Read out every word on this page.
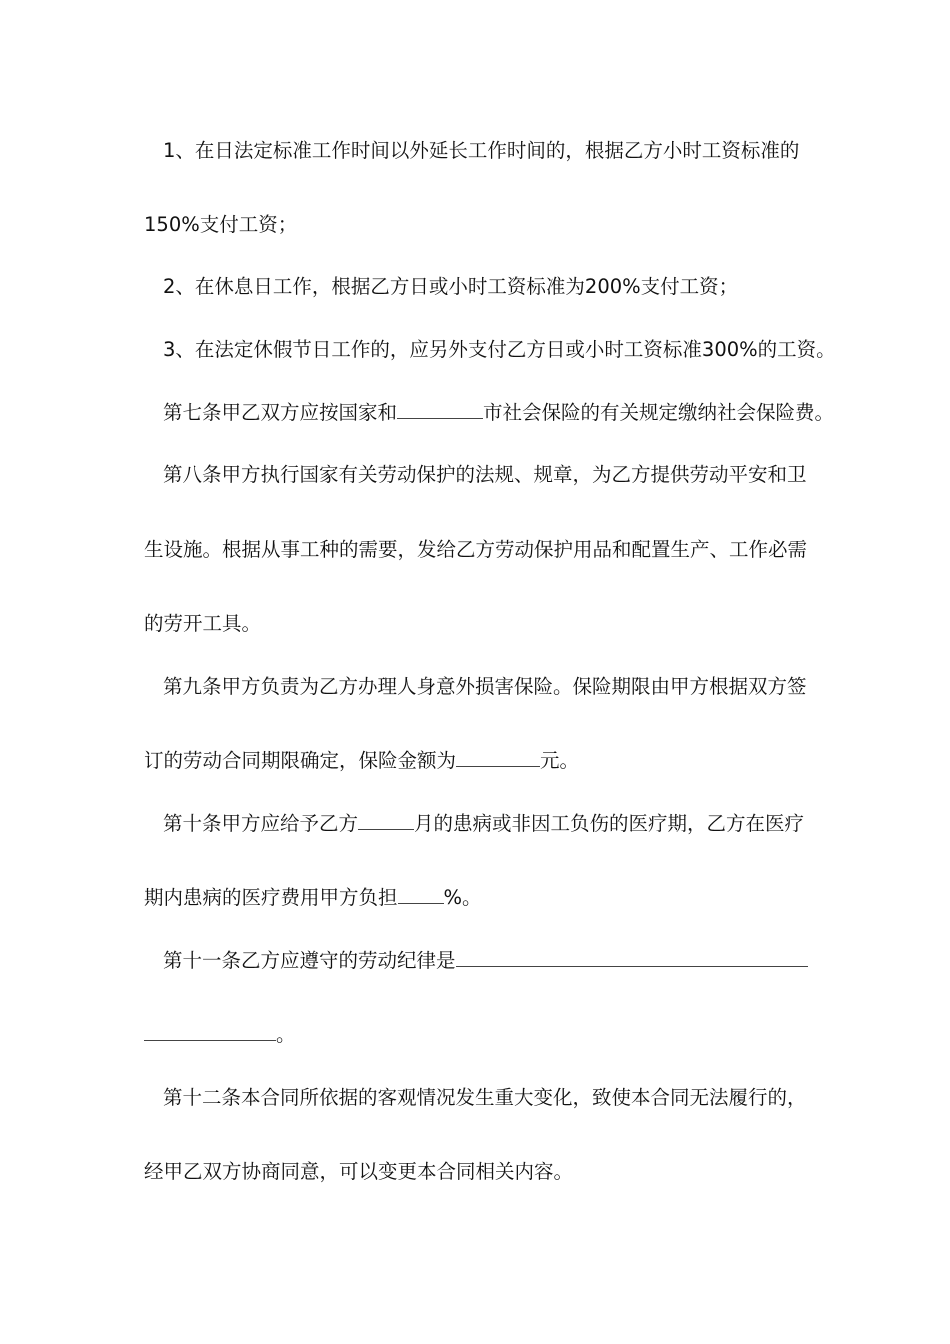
1、在日法定标准工作时间以外延长工作时间的，根据乙方小时工资标准的
150%支付工资；
2、在休息日工作，根据乙方日或小时工资标准为200%支付工资；
3、在法定休假节日工作的，应另外支付乙方日或小时工资标准300%的工资。
第七条甲乙双方应按国家和	市社会保险的有关规定缴纳社会保险费。
第八条甲方执行国家有关劳动保护的法规、规章，为乙方提供劳动平安和卫
生设施。根据从事工种的需要，发给乙方劳动保护用品和配置生产、工作必需
的劳开工具。
第九条甲方负责为乙方办理人身意外损害保险。保险期限由甲方根据双方签
订的劳动合同期限确定，保险金额为	元。
第十条甲方应给予乙方	月的患病或非因工负伤的医疗期，乙方在医疗
期内患病的医疗费用甲方负担 %。
第十一条乙方应遵守的劳动纪律是
。
第十二条本合同所依据的客观情况发生重大变化，致使本合同无法履行的，
经甲乙双方协商同意，可以变更本合同相关内容。
